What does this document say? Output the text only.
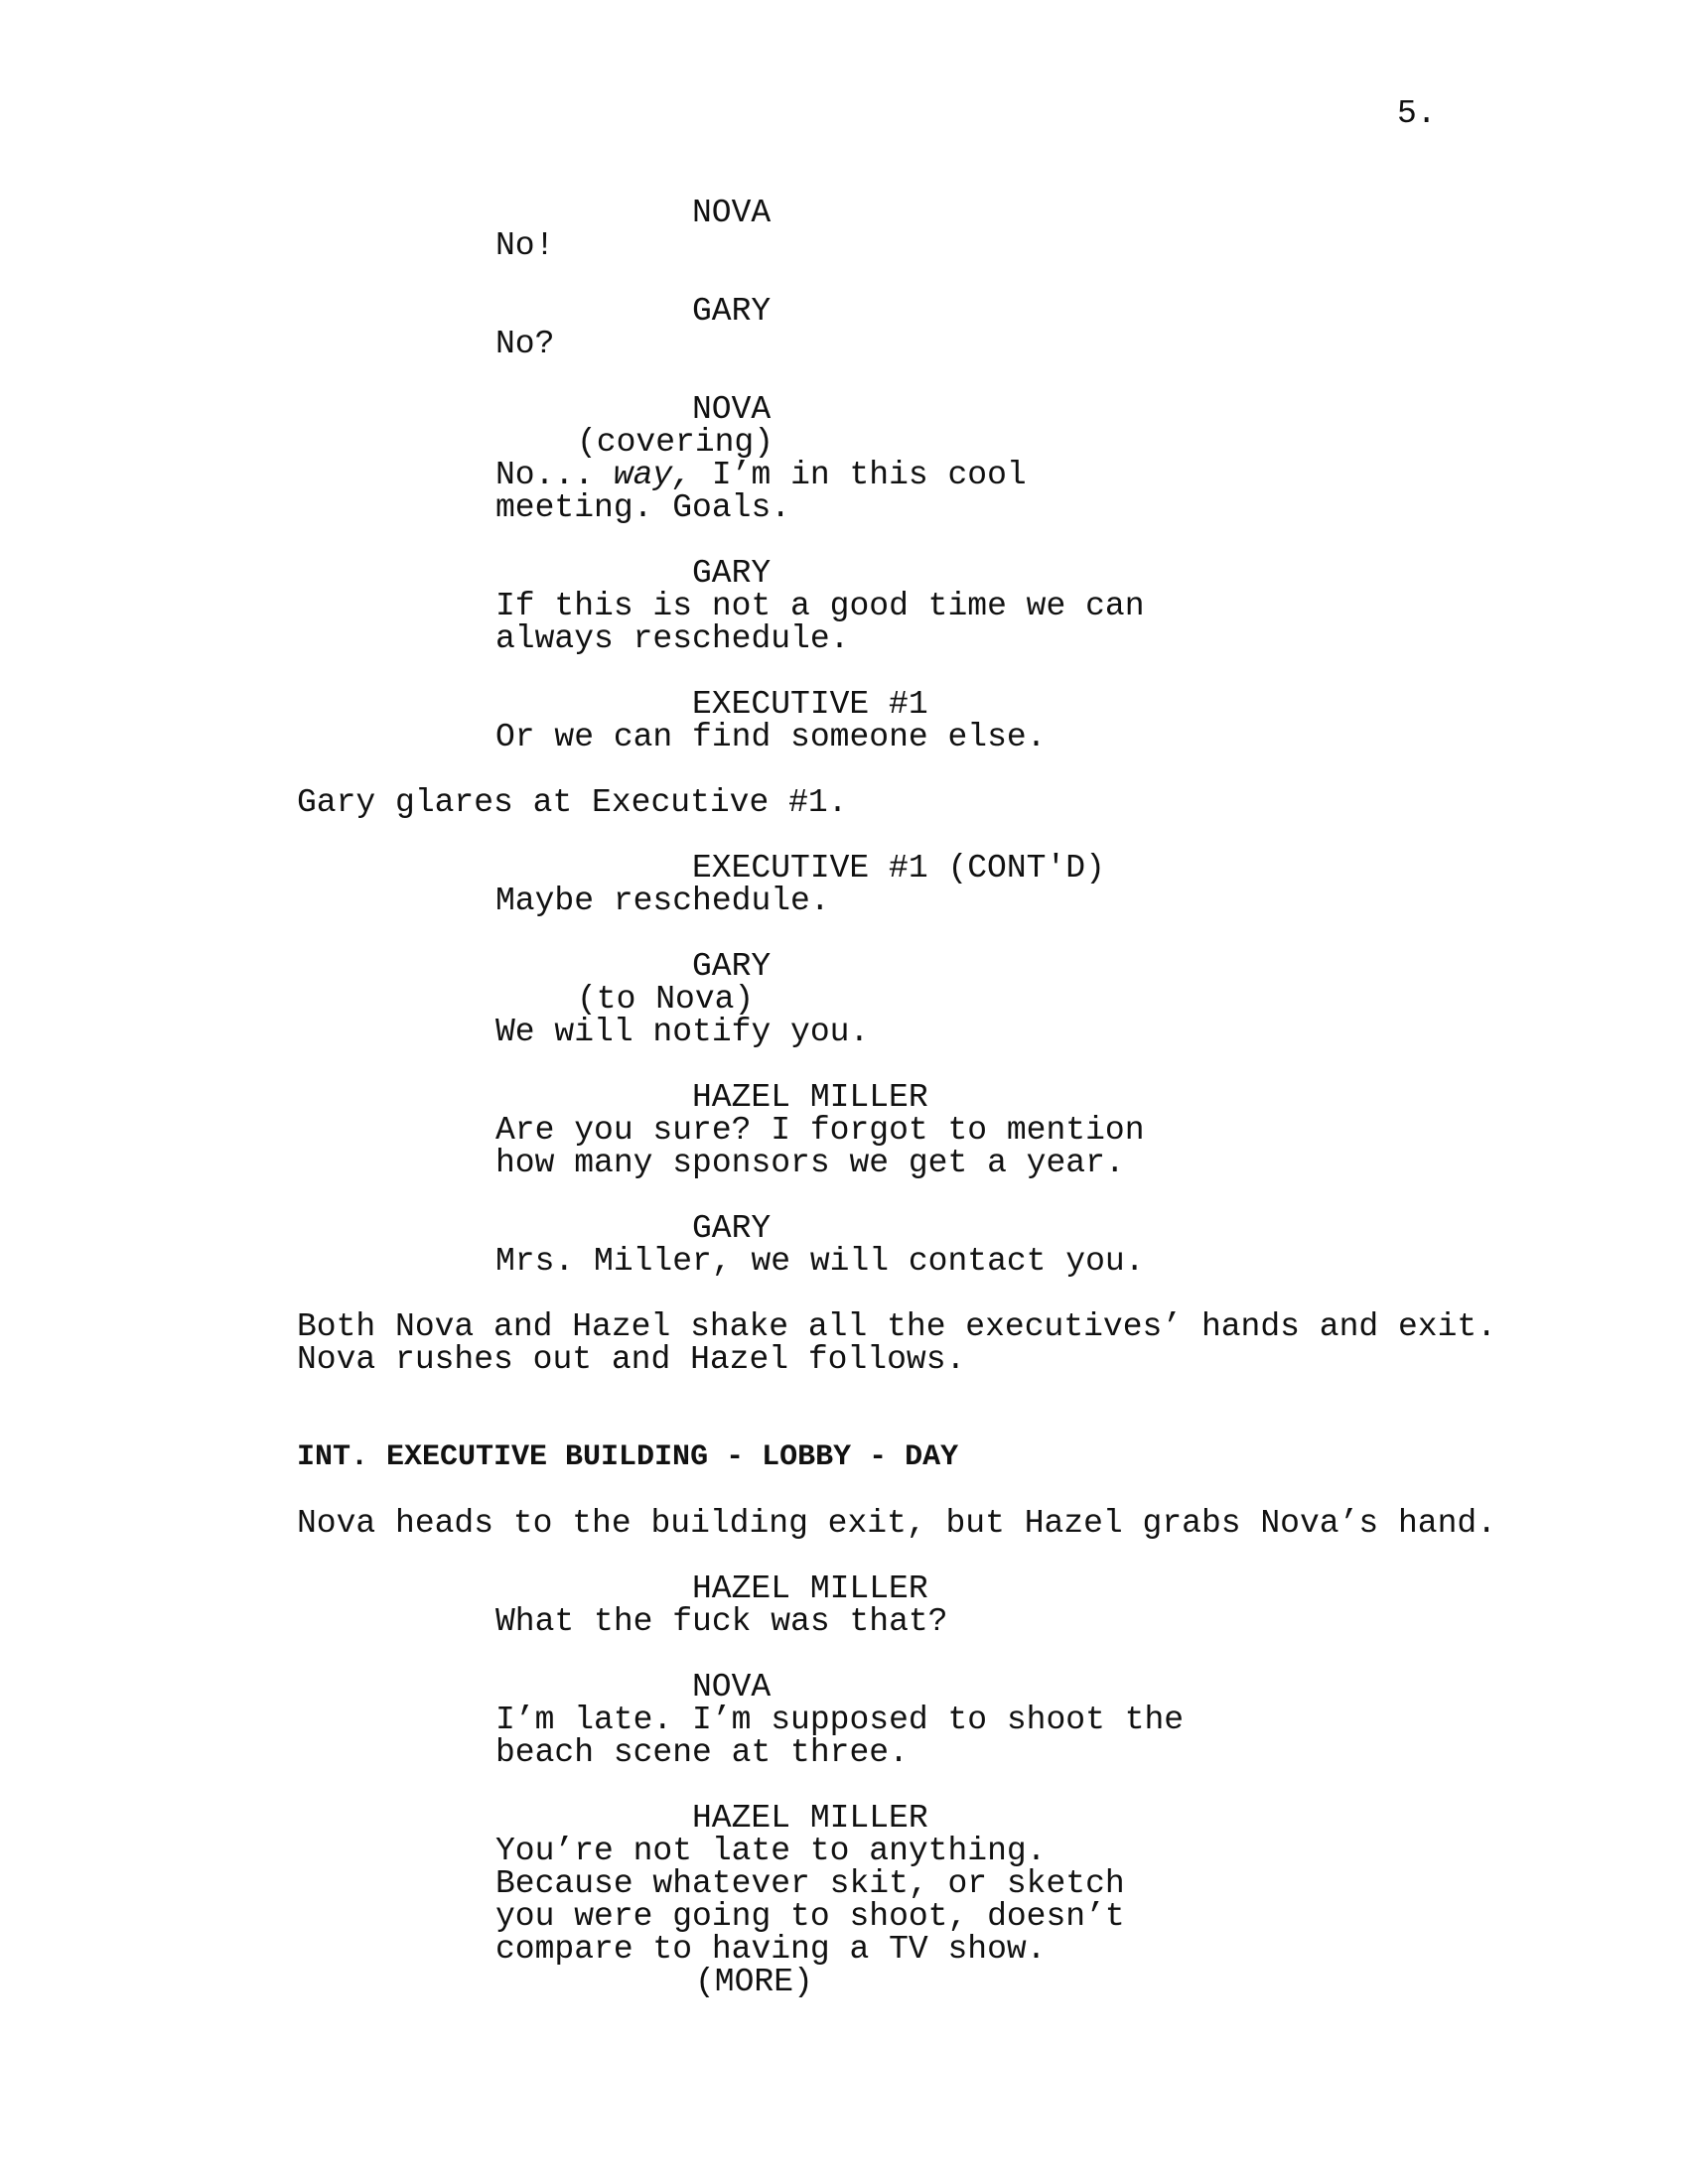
5.
NOVA
No!
GARY
No?
NOVA
(covering)
No... way, I’m in this cool
meeting. Goals.
GARY
If this is not a good time we can
always reschedule.
EXECUTIVE #1
Or we can find someone else.
Gary glares at Executive #1.
EXECUTIVE #1 (CONT'D)
Maybe reschedule.
GARY
(to Nova)
We will notify you.
HAZEL MILLER
Are you sure? I forgot to mention
how many sponsors we get a year.
GARY
Mrs. Miller, we will contact you.
Both Nova and Hazel shake all the executives’ hands and exit.
Nova rushes out and Hazel follows.
INT. EXECUTIVE BUILDING - LOBBY - DAY
Nova heads to the building exit, but Hazel grabs Nova’s hand.
HAZEL MILLER
What the fuck was that?
NOVA
I’m late. I’m supposed to shoot the
beach scene at three.
HAZEL MILLER
You’re not late to anything.
Because whatever skit, or sketch
you were going to shoot, doesn’t
compare to having a TV show.
(MORE)
